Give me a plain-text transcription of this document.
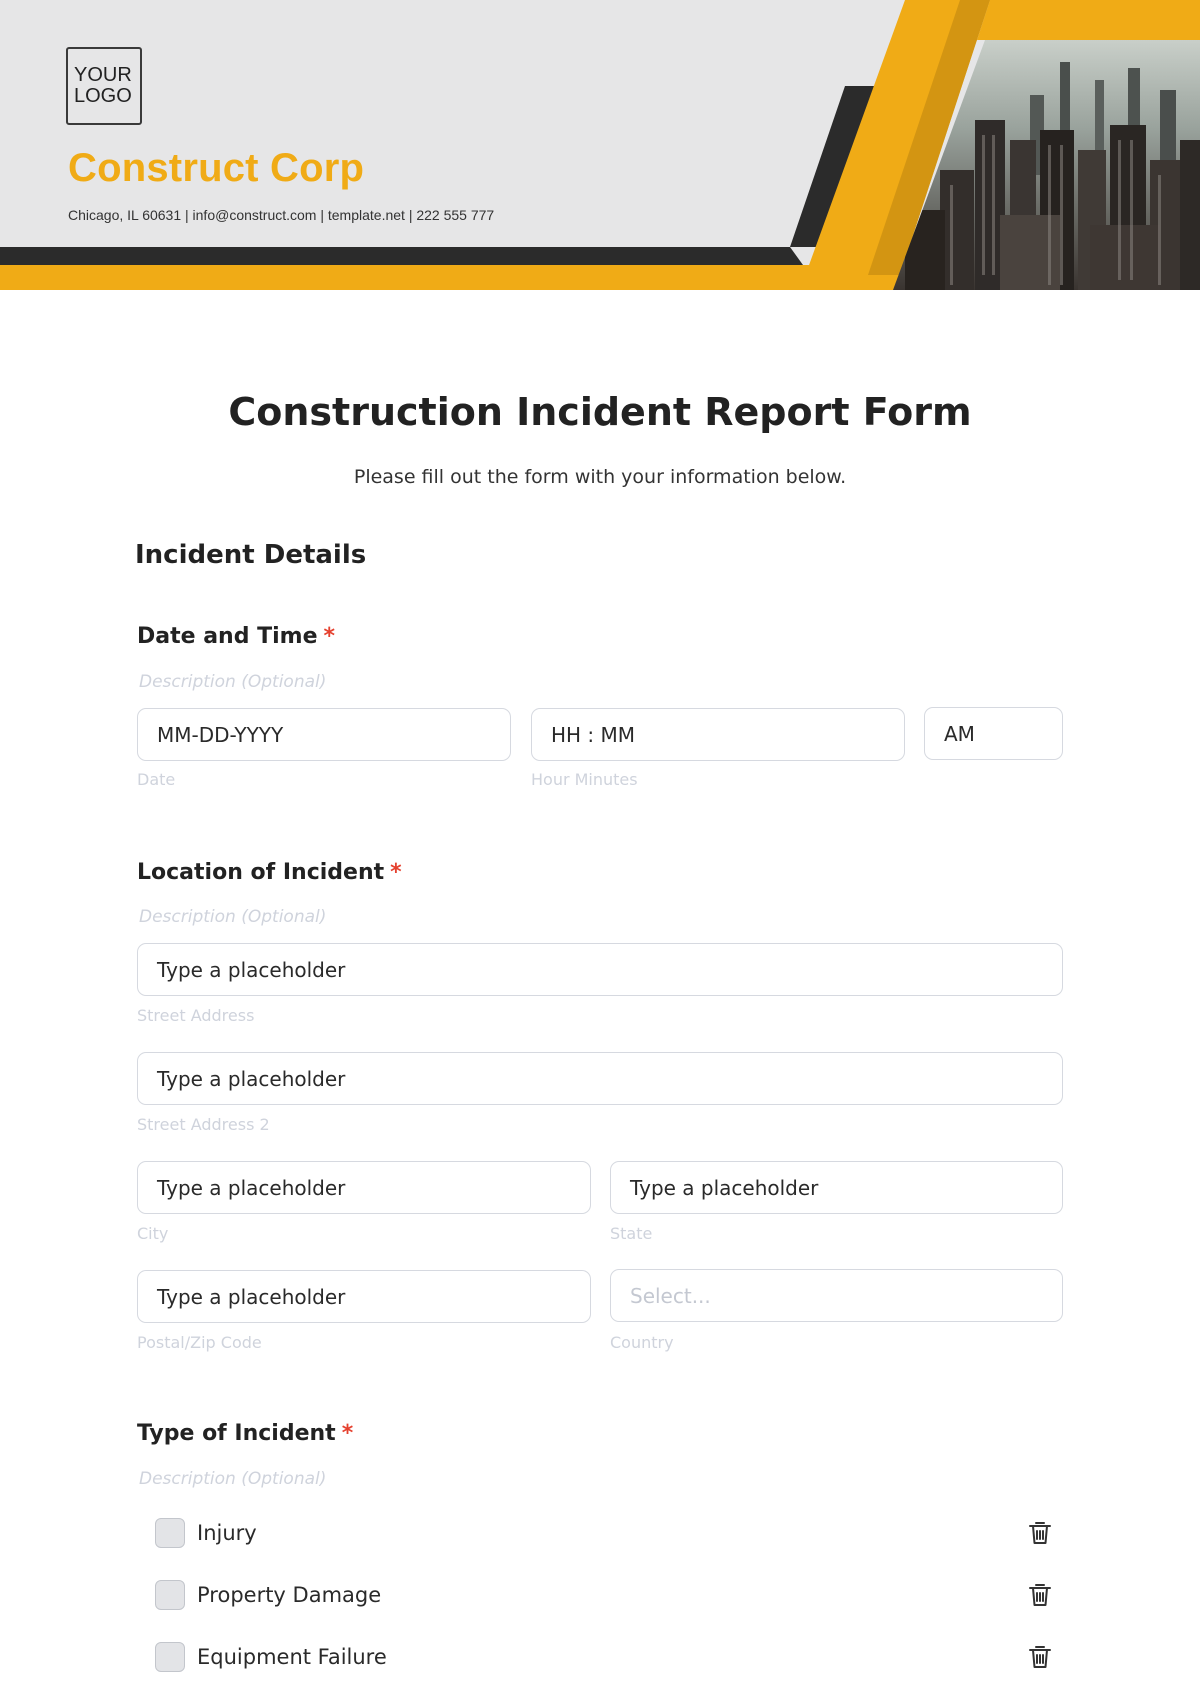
YOUR
LOGO
Construct Corp
Chicago, IL 60631 | info@construct.com | template.net | 222 555 777
Construction Incident Report Form
Please fill out the form with your information below.
Incident Details
Date and Time *
Description (Optional)
MM-DD-YYYY
Date
HH : MM
Hour Minutes
AM
Location of Incident *
Description (Optional)
Type a placeholder
Street Address
Type a placeholder
Street Address 2
Type a placeholder
City
Type a placeholder
State
Type a placeholder
Postal/Zip Code
Select...
Country
Type of Incident *
Description (Optional)
Injury
Property Damage
Equipment Failure
